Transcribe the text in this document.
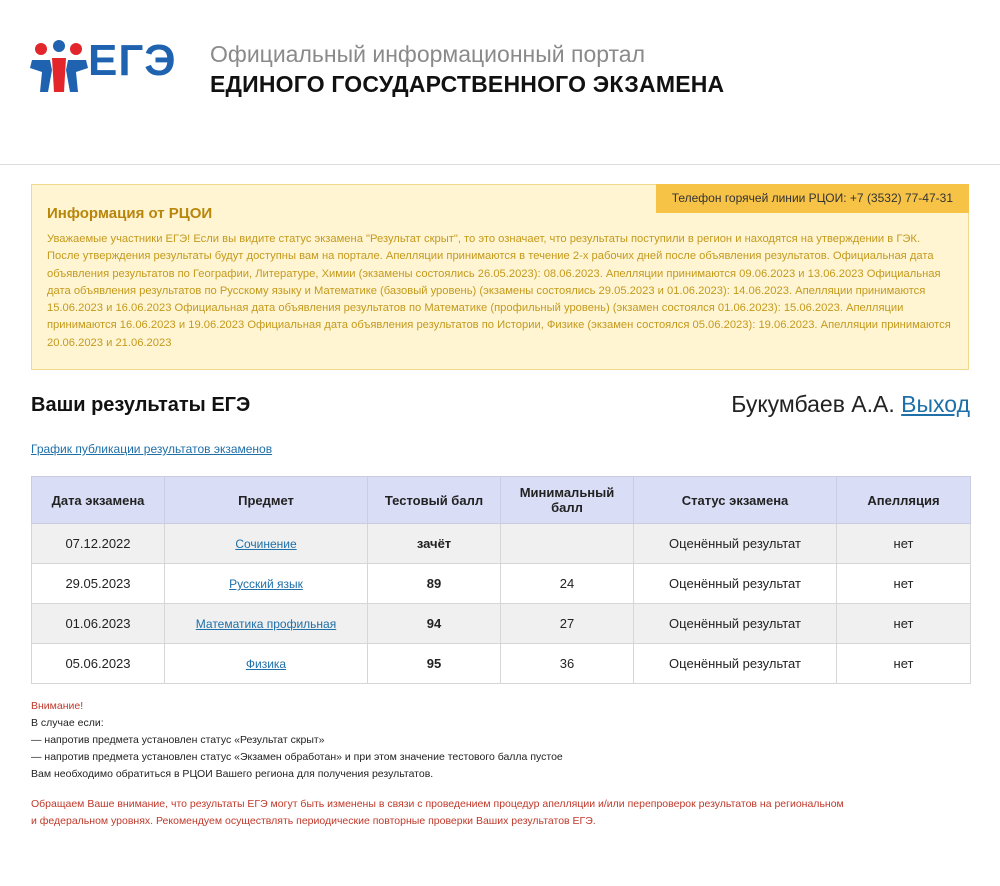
ЕГЭ Официальный информационный портал
ЕДИНОГО ГОСУДАРСТВЕННОГО ЭКЗАМЕНА
Телефон горячей линии РЦОИ: +7 (3532) 77-47-31
Информация от РЦОИ
Уважаемые участники ЕГЭ! Если вы видите статус экзамена "Результат скрыт", то это означает, что результаты поступили в регион и находятся на утверждении в ГЭК. После утверждения результаты будут доступны вам на портале. Апелляции принимаются в течение 2-х рабочих дней после объявления результатов. Официальная дата объявления результатов по Географии, Литературе, Химии (экзамены состоялись 26.05.2023): 08.06.2023. Апелляции принимаются 09.06.2023 и 13.06.2023 Официальная дата объявления результатов по Русскому языку и Математике (базовый уровень) (экзамены состоялись 29.05.2023 и 01.06.2023): 14.06.2023. Апелляции принимаются 15.06.2023 и 16.06.2023 Официальная дата объявления результатов по Математике (профильный уровень) (экзамен состоялся 01.06.2023): 15.06.2023. Апелляции принимаются 16.06.2023 и 19.06.2023 Официальная дата объявления результатов по Истории, Физике (экзамен состоялся 05.06.2023): 19.06.2023. Апелляции принимаются 20.06.2023 и 21.06.2023
Ваши результаты ЕГЭ	Букумбаев А.А. Выход
График публикации результатов экзаменов
Дата экзамена	Предмет	Тестовый балл	Минимальный балл	Статус экзамена	Апелляция
07.12.2022	Сочинение	зачёт		Оценённый результат	нет
29.05.2023	Русский язык	89	24	Оценённый результат	нет
01.06.2023	Математика профильная	94	27	Оценённый результат	нет
05.06.2023	Физика	95	36	Оценённый результат	нет
Внимание!
В случае если:
— напротив предмета установлен статус «Результат скрыт»
— напротив предмета установлен статус «Экзамен обработан» и при этом значение тестового балла пустое
Вам необходимо обратиться в РЦОИ Вашего региона для получения результатов.
Обращаем Ваше внимание, что результаты ЕГЭ могут быть изменены в связи с проведением процедур апелляции и/или перепроверок результатов на региональном
и федеральном уровнях. Рекомендуем осуществлять периодические повторные проверки Ваших результатов ЕГЭ.
